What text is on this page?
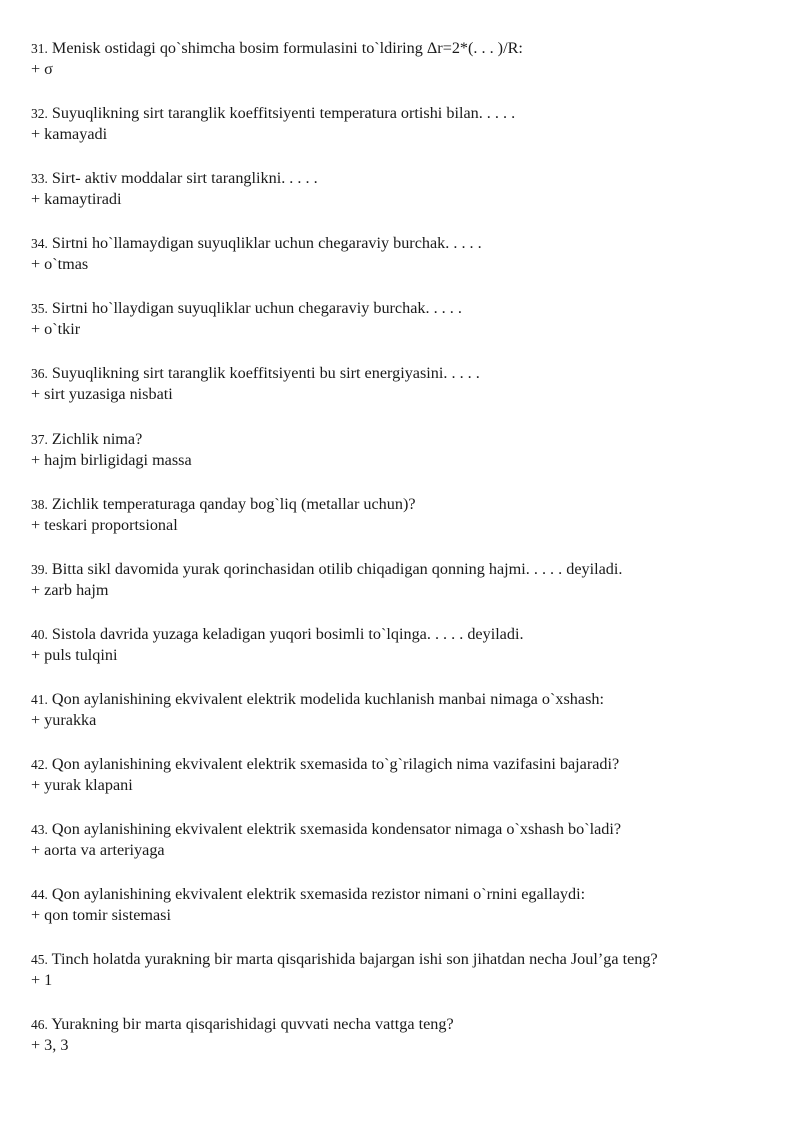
31. Menisk ostidagi qo`shimcha bosim formulasini to`ldiring Δr=2*(. . . )/R:
+ σ
32. Suyuqlikning sirt taranglik koeffitsiyenti temperatura ortishi bilan. . . . .
+ kamayadi
33. Sirt- aktiv moddalar sirt taranglikni. . . . .
+ kamaytiradi
34. Sirtni ho`llamaydigan suyuqliklar uchun chegaraviy burchak. . . . .
+ o`tmas
35. Sirtni ho`llaydigan suyuqliklar uchun chegaraviy burchak. . . . .
+ o`tkir
36. Suyuqlikning sirt taranglik koeffitsiyenti bu sirt energiyasini. . . . .
+ sirt yuzasiga nisbati
37. Zichlik nima?
+ hajm birligidagi massa
38. Zichlik temperaturaga qanday bog`liq (metallar uchun)?
+ teskari proportsional
39. Bitta sikl davomida yurak qorinchasidan otilib chiqadigan qonning hajmi. . . . . deyiladi.
+ zarb hajm
40. Sistola davrida yuzaga keladigan yuqori bosimli to`lqinga. . . . . deyiladi.
+ puls tulqini
41. Qon aylanishining ekvivalent elektrik modelida kuchlanish manbai nimaga o`xshash:
+ yurakka
42. Qon aylanishining ekvivalent elektrik sxemasida to`g`rilagich nima vazifasini bajaradi?
+ yurak klapani
43. Qon aylanishining ekvivalent elektrik sxemasida kondensator nimaga o`xshash bo`ladi?
+ aorta va arteriyaga
44. Qon aylanishining ekvivalent elektrik sxemasida rezistor nimani o`rnini egallaydi:
+ qon tomir sistemasi
45. Tinch holatda yurakning bir marta qisqarishida bajargan ishi son jihatdan necha Joul’ga teng?
+ 1
46. Yurakning bir marta qisqarishidagi quvvati necha vattga teng?
+ 3, 3
